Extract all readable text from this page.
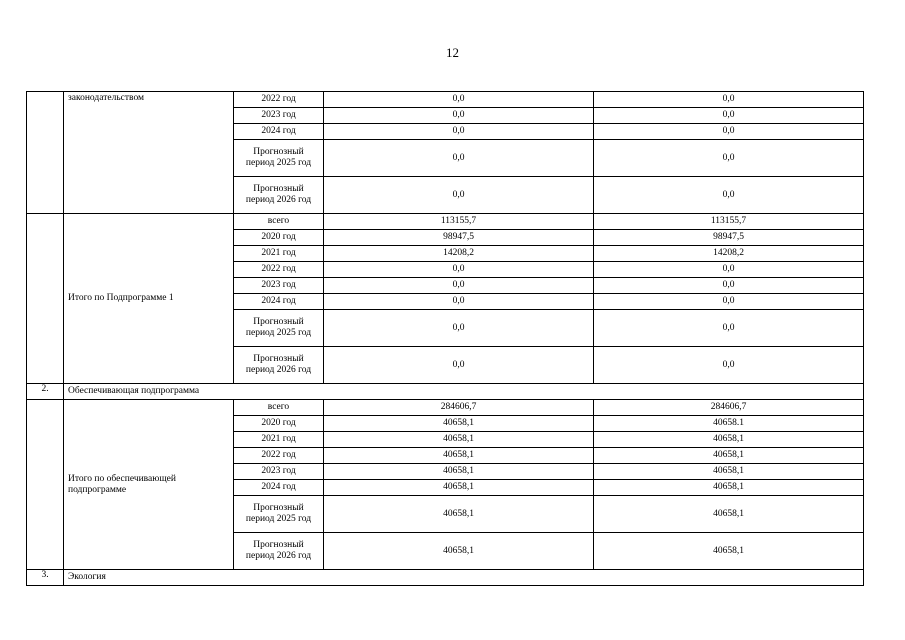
12
	законодательством	2022 год	0,0	0,0
		2023 год	0,0	0,0
		2024 год	0,0	0,0
		Прогнозный период 2025 год	0,0	0,0
		Прогнозный период 2026 год	0,0	0,0
	Итого по Подпрограмме 1	всего	113155,7	113155,7
		2020 год	98947,5	98947,5
		2021 год	14208,2	14208,2
		2022 год	0,0	0,0
		2023 год	0,0	0,0
		2024 год	0,0	0,0
		Прогнозный период 2025 год	0,0	0,0
		Прогнозный период 2026 год	0,0	0,0
2.	Обеспечивающая подпрограмма			
	Итого по обеспечивающей подпрограмме	всего	284606,7	284606,7
		2020 год	40658,1	40658.1
		2021 год	40658,1	40658,1
		2022 год	40658,1	40658,1
		2023 год	40658,1	40658,1
		2024 год	40658,1	40658,1
		Прогнозный период 2025 год	40658,1	40658,1
		Прогнозный период 2026 год	40658,1	40658,1
3.	Экология			
